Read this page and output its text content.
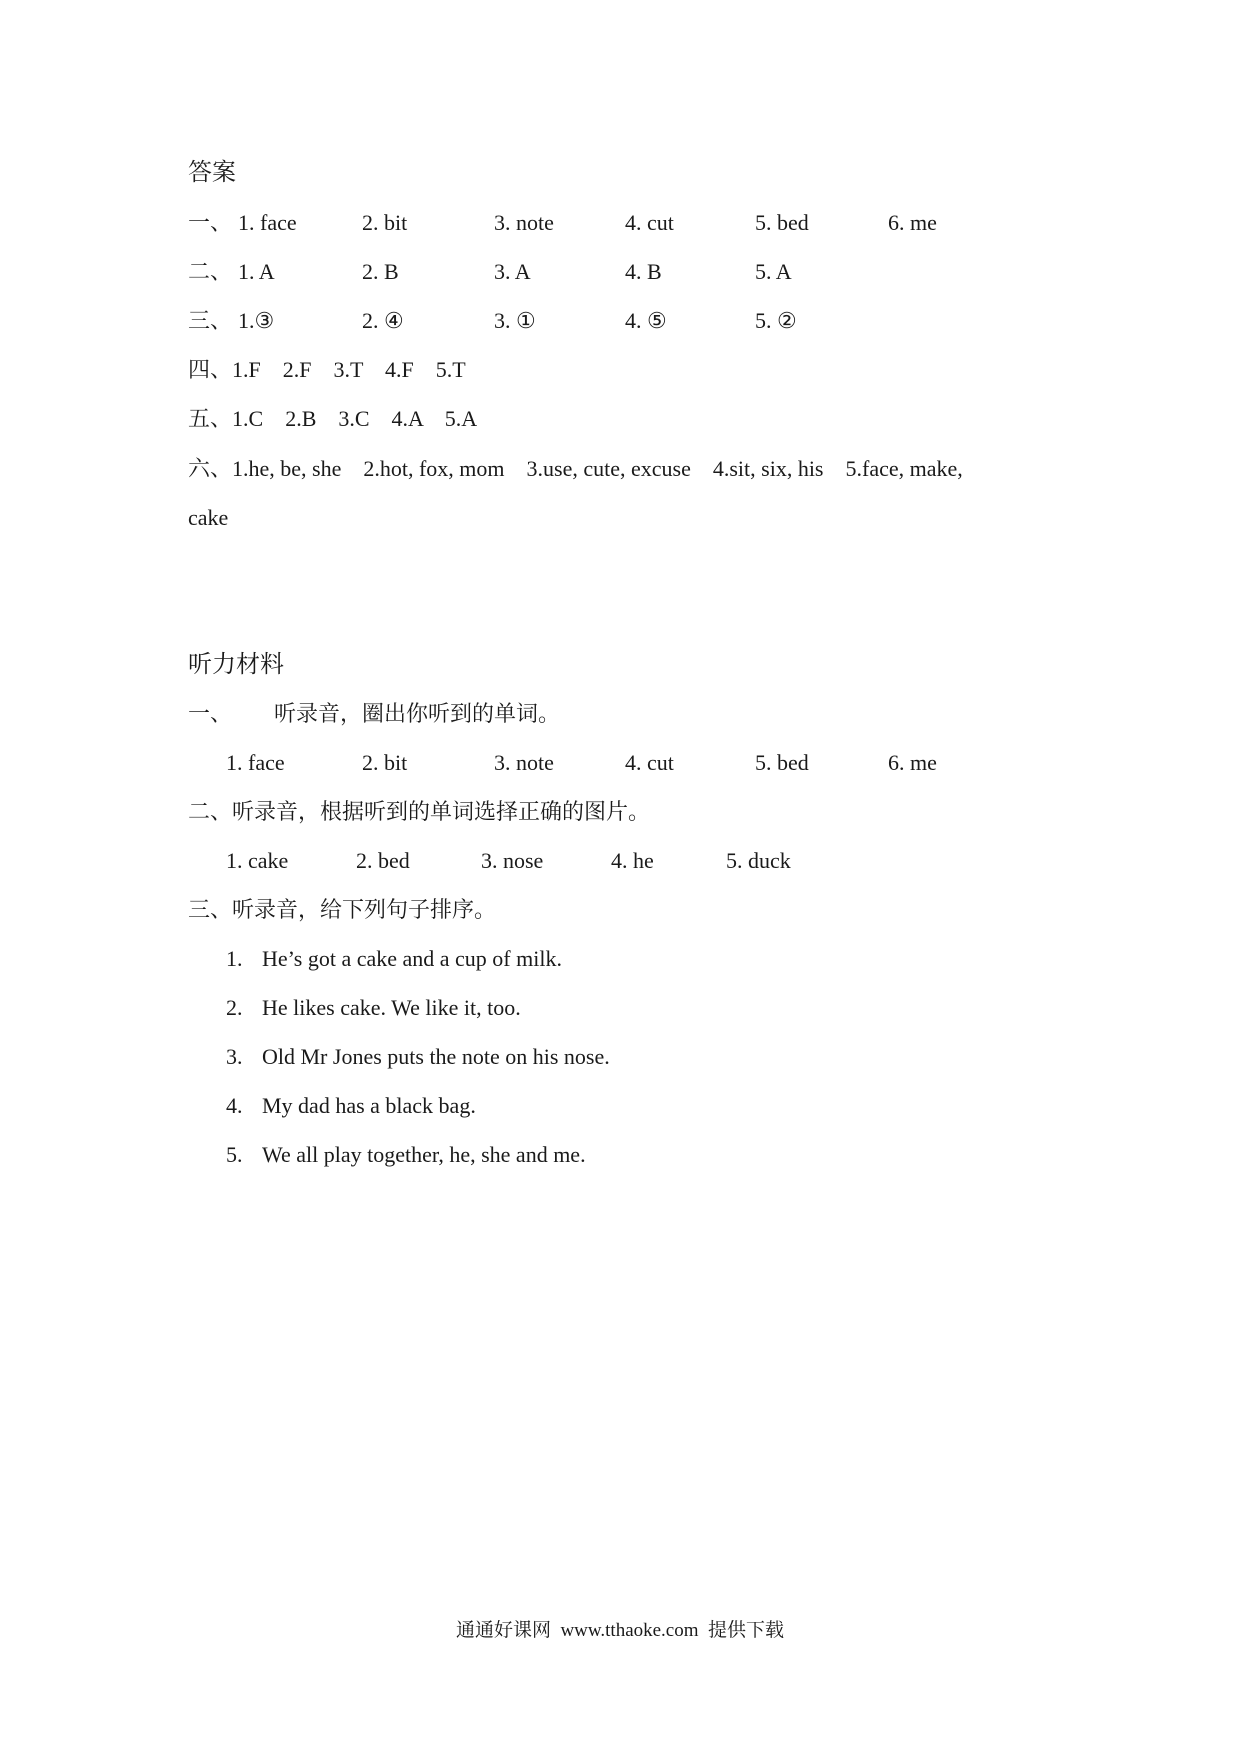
答案
一、 1. face	2. bit	3. note	4. cut	5. bed	6. me
二、 1. A	2. B	3. A	4. B	5. A
三、 1.③	2. ④	3. ①	4. ⑤	5. ②
四、1.F    2.F    3.T    4.F    5.T
五、1.C    2.B    3.C    4.A    5.A
六、1.he, be, she    2.hot, fox, mom    3.use, cute, excuse    4.sit, six, his    5.face, make,
cake
听力材料
一、 听录音，圈出你听到的单词。
1. face	2. bit	3. note	4. cut	5. bed	6. me
二、听录音，根据听到的单词选择正确的图片。
1. cake	2. bed	3. nose	4. he	5. duck
三、听录音，给下列句子排序。
1. He’s got a cake and a cup of milk.
2. He likes cake. We like it, too.
3. Old Mr Jones puts the note on his nose.
4. My dad has a black bag.
5. We all play together, he, she and me.
通通好课网  www.tthaoke.com  提供下载
